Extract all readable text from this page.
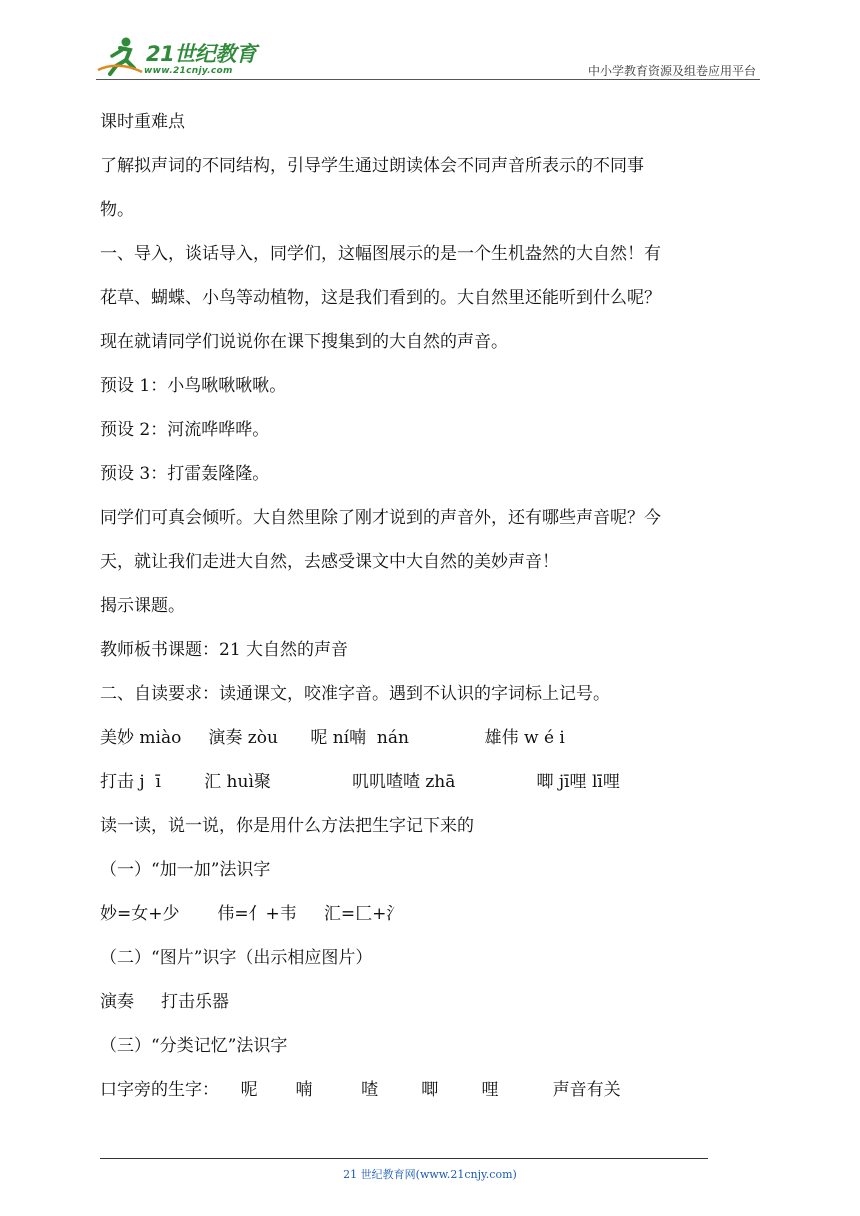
21世纪教育
www.21cnjy.com	中小学教育资源及组卷应用平台
课时重难点
了解拟声词的不同结构，引导学生通过朗读体会不同声音所表示的不同事
物。
一、导入，谈话导入，同学们，这幅图展示的是一个生机盎然的大自然！有
花草、蝴蝶、小鸟等动植物，这是我们看到的。大自然里还能听到什么呢？
现在就请同学们说说你在课下搜集到的大自然的声音。
预设 1：小鸟啾啾啾啾。
预设 2：河流哗哗哗。
预设 3：打雷轰隆隆。
同学们可真会倾听。大自然里除了刚才说到的声音外，还有哪些声音呢？今
天，就让我们走进大自然，去感受课文中大自然的美妙声音！
揭示课题。
教师板书课题：21 大自然的声音
二、自读要求：读通课文，咬准字音。遇到不认识的字词标上记号。
美妙 miào     演奏 zòu      呢 ní喃  nán              雄伟 w é i
打击 j  ī        汇 huì聚               叽叽喳喳 zhā               唧 jī哩 lī哩
读一读，说一说，你是用什么方法把生字记下来的
（一）“加一加”法识字
妙=女+少       伟=亻+韦     汇=匚+氵
（二）“图片”识字（出示相应图片）
演奏     打击乐器
（三）“分类记忆”法识字
口字旁的生字：    呢       喃         喳        唧        哩          声音有关
21 世纪教育网(www.21cnjy.com)
